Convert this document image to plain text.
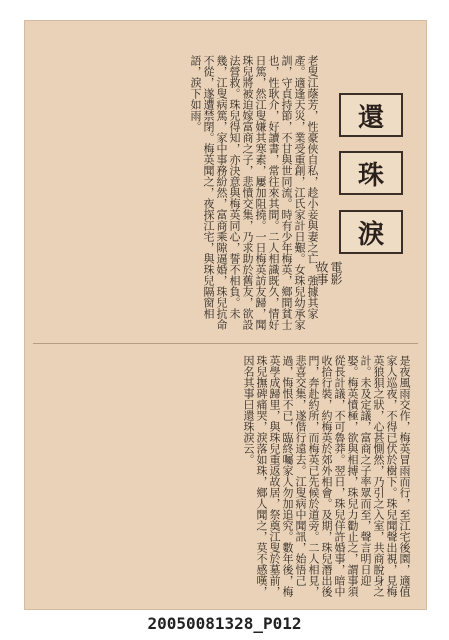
老叟江蔭芳，性豪俠自私，趁小妾與妻之亡，強據其家產。適逢天災，業受重創，江氏家計日艱。女珠兒幼承家訓，守貞持節，不甘與世同流。時有少年梅英，鄉間貧士也，性耿介，好讀書，常往來其間。二人相識既久，情好日篤，然江叟嫌其寒素，屢加阻撓。一日梅英訪友歸，聞珠兒將被迫嫁富商之子，悲憤交集，乃求助於舊友，欲設法營救。珠兒得知，亦決意與梅英同心，誓不相負。未幾，江叟病篤，家中事務紛然，富商乘隙逼婚，珠兒抗命不從，遂遭禁閉。梅英聞之，夜探江宅，與珠兒隔窗相語，淚下如雨。	還
珠
淚
電影
故事
是夜風雨交作，梅英冒雨而行，至江宅後園，適值家人巡夜，不得已伏於樹下。珠兒聞聲出視，見梅英狼狽之狀，心甚惻然，乃引之入室，共商脫身之計。未及定議，富商之子率眾而至，聲言明日迎娶。梅英憤極，欲與相搏，珠兒力勸止之，謂事須從長計議，不可魯莽。翌日，珠兒佯許婚事，暗中收拾行裝，約梅英於郊外相會。及期，珠兒潛出後門，奔赴約所，而梅英已先候於道旁。二人相見，悲喜交集，遂偕行遠去。江叟病中聞訊，始悟己過，悔恨不已，臨終囑家人勿加追究。數年後，梅英學成歸里，與珠兒重返故居，祭奠江叟於墓前，珠兒撫碑痛哭，淚落如珠，鄉人聞之，莫不感嘆，因名其事曰還珠淚云。
20050081328_P012
